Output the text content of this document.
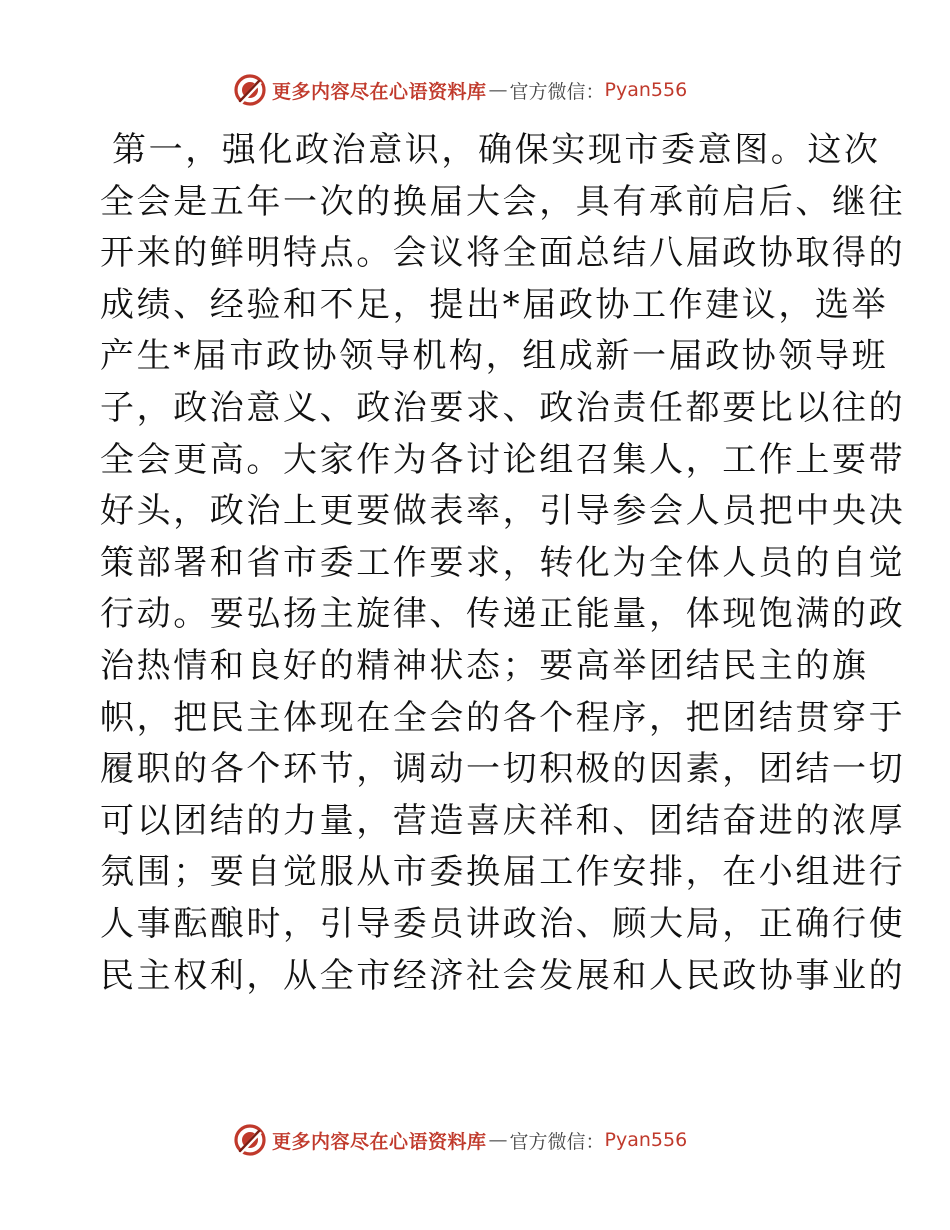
更多内容尽在心语资料库 — 官方微信： Pyan556
第一，强化政治意识，确保实现市委意图。这次
全会是五年一次的换届大会，具有承前启后、继往
开来的鲜明特点。会议将全面总结八届政协取得的
成绩、经验和不足，提出*届政协工作建议，选举
产生*届市政协领导机构，组成新一届政协领导班
子，政治意义、政治要求、政治责任都要比以往的
全会更高。大家作为各讨论组召集人，工作上要带
好头，政治上更要做表率，引导参会人员把中央决
策部署和省市委工作要求，转化为全体人员的自觉
行动。要弘扬主旋律、传递正能量，体现饱满的政
治热情和良好的精神状态；要高举团结民主的旗
帜，把民主体现在全会的各个程序，把团结贯穿于
履职的各个环节，调动一切积极的因素，团结一切
可以团结的力量，营造喜庆祥和、团结奋进的浓厚
氛围；要自觉服从市委换届工作安排，在小组进行
人事酝酿时，引导委员讲政治、顾大局，正确行使
民主权利，从全市经济社会发展和人民政协事业的
更多内容尽在心语资料库 — 官方微信： Pyan556
